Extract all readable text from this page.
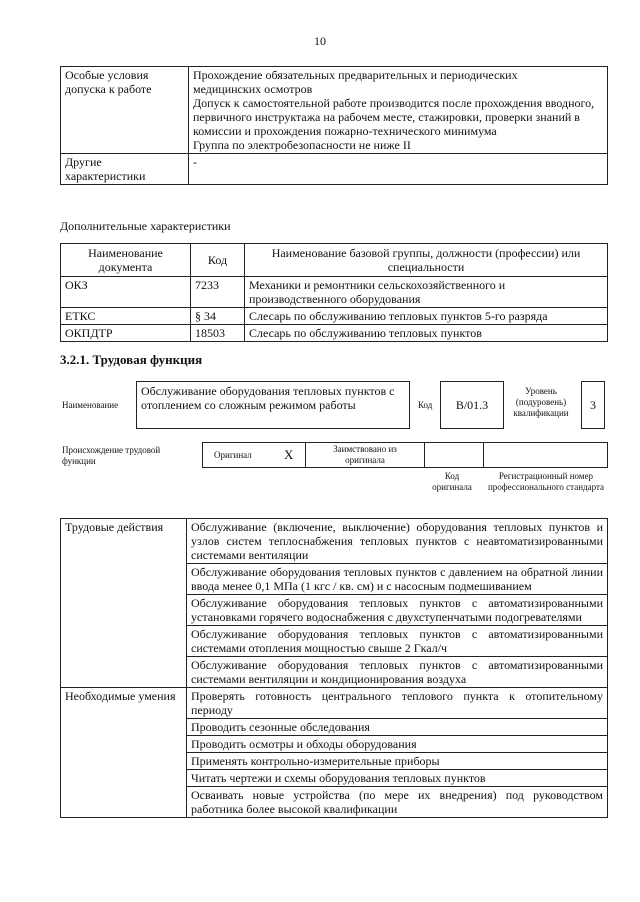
10
Особые условия допуска к работе	Прохождение обязательных предварительных и периодических медицинских осмотров
Допуск к самостоятельной работе производится после прохождения вводного, первичного инструктажа на рабочем месте, стажировки, проверки знаний в комиссии и прохождения пожарно-технического минимума
Группа по электробезопасности не ниже II

Другие характеристики	-
Дополнительные характеристики
Наименование документа	Код	Наименование базовой группы, должности (профессии) или специальности
ОКЗ	7233	Механики и ремонтники сельскохозяйственного и производственного оборудования
ЕТКС	§ 34	Слесарь по обслуживанию тепловых пунктов 5-го разряда
ОКПДТР	18503	Слесарь по обслуживанию тепловых пунктов
3.2.1. Трудовая функция
Наименование
Обслуживание оборудования тепловых пунктов с отоплением со сложным режимом работы	Код	B/01.3
Уровень (подуровень) квалификации
3
Происхождение трудовой функции
Оригинал X	Заимствовано из оригинала
Код оригинала
Регистрационный номер профессионального стандарта
Трудовые действия	Обслуживание (включение, выключение) оборудования тепловых пунктов и узлов систем теплоснабжения тепловых пунктов с неавтоматизированными системами вентиляции
	Обслуживание оборудования тепловых пунктов с давлением на обратной линии ввода менее 0,1 МПа (1 кгс / кв. см) и с насосным подмешиванием
	Обслуживание оборудования тепловых пунктов с автоматизированными установками горячего водоснабжения с двухступенчатыми подогревателями
	Обслуживание оборудования тепловых пунктов с автоматизированными системами отопления мощностью свыше 2 Гкал/ч
	Обслуживание оборудования тепловых пунктов с автоматизированными системами вентиляции и кондиционирования воздуха
Необходимые умения	Проверять готовность центрального теплового пункта к отопительному периоду
	Проводить сезонные обследования
	Проводить осмотры и обходы оборудования
	Применять контрольно-измерительные приборы
	Читать чертежи и схемы оборудования тепловых пунктов
	Осваивать новые устройства (по мере их внедрения) под руководством работника более высокой квалификации
